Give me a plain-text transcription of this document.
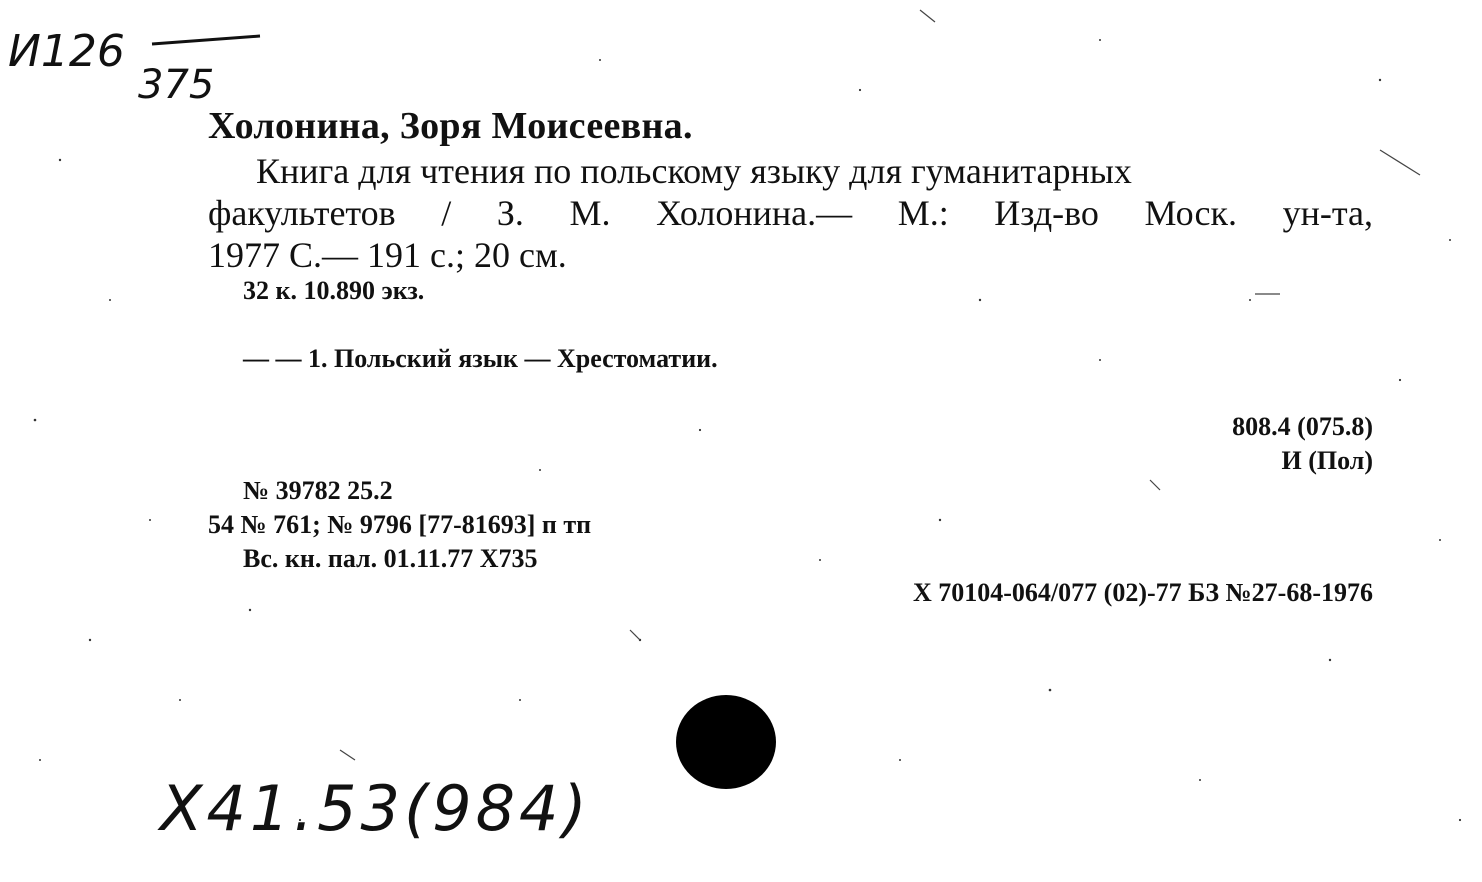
И126
375
Холонина, Зоря Моисеевна.
Книга для чтения по польскому языку для гуманитарных
факультетов / З. М. Холонина.— М.: Изд-во Моск. ун-та,
1977 С.— 191 с.; 20 см.
32 к. 10.890 экз.
— — 1. Польский язык — Хрестоматии.
808.4 (075.8)
И (Пол)
№ 39782 25.2
54 № 761; № 9796 [77-81693] п тп
Вс. кн. пал. 01.11.77 Х735
Х 70104-064/077 (02)-77 БЗ №27-68-1976
Х41.53(984)
